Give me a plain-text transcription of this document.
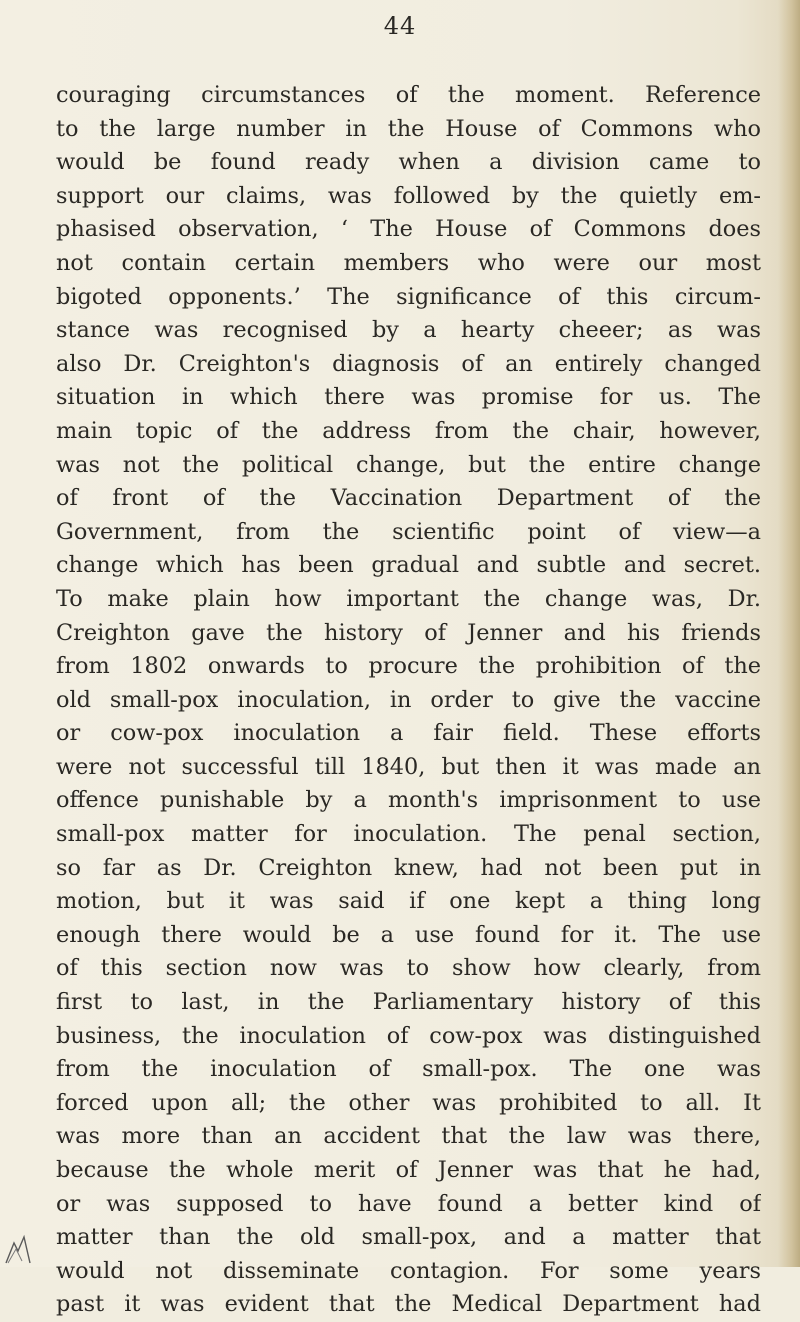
44
couraging circumstances of the moment. Reference
to the large number in the House of Commons who
would be found ready when a division came to
support our claims, was followed by the quietly em-
phasised observation, ‘ The House of Commons does
not contain certain members who were our most
bigoted opponents.’ The significance of this circum-
stance was recognised by a hearty cheeer; as was
also Dr. Creighton's diagnosis of an entirely changed
situation in which there was promise for us. The
main topic of the address from the chair, however,
was not the political change, but the entire change
of front of the Vaccination Department of the
Government, from the scientific point of view—a
change which has been gradual and subtle and secret.
To make plain how important the change was, Dr.
Creighton gave the history of Jenner and his friends
from 1802 onwards to procure the prohibition of the
old small-pox inoculation, in order to give the vaccine
or cow-pox inoculation a fair field. These efforts
were not successful till 1840, but then it was made an
offence punishable by a month's imprisonment to use
small-pox matter for inoculation. The penal section,
so far as Dr. Creighton knew, had not been put in
motion, but it was said if one kept a thing long
enough there would be a use found for it. The use
of this section now was to show how clearly, from
first to last, in the Parliamentary history of this
business, the inoculation of cow-pox was distinguished
from the inoculation of small-pox. The one was
forced upon all; the other was prohibited to all. It
was more than an accident that the law was there,
because the whole merit of Jenner was that he had,
or was supposed to have found a better kind of
matter than the old small-pox, and a matter that
would not disseminate contagion. For some years
past it was evident that the Medical Department had
